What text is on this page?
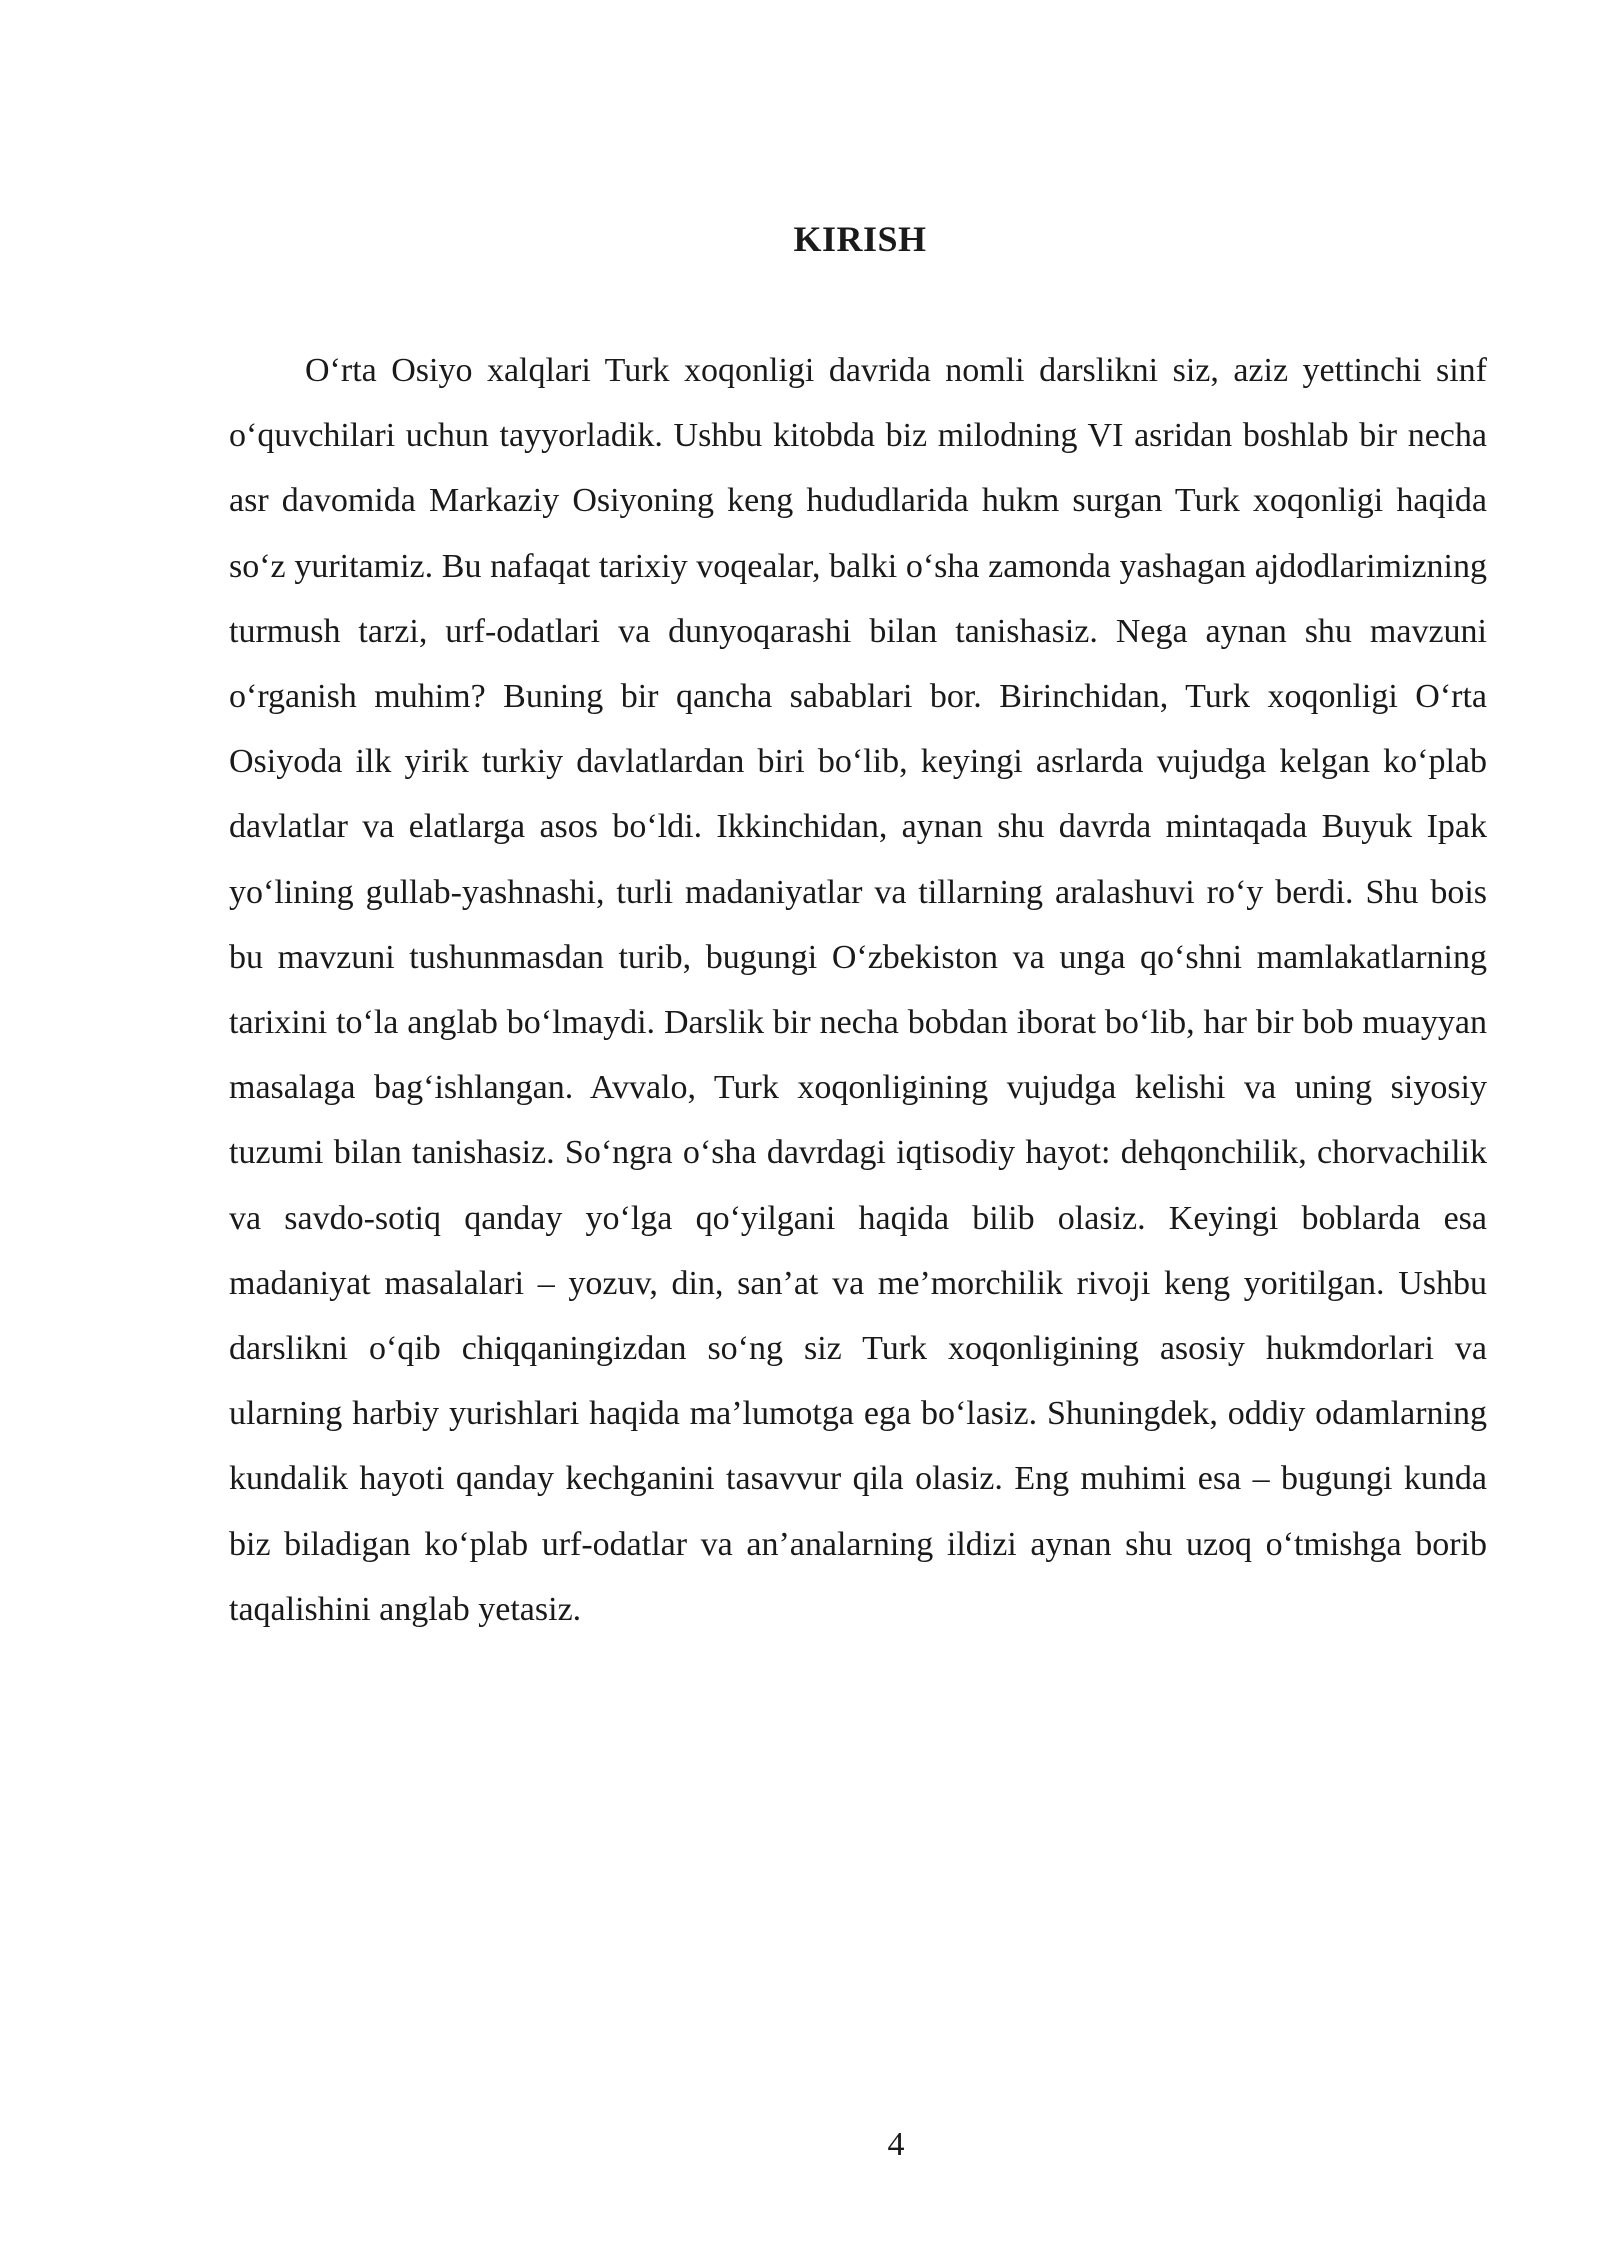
KIRISH

O‘rta Osiyo xalqlari Turk xoqonligi davrida nomli darslikni siz, aziz yettinchi sinf o‘quvchilari uchun tayyorladik. Ushbu kitobda biz milodning VI asridan boshlab bir necha asr davomida Markaziy Osiyoning keng hududlarida hukm surgan Turk xoqonligi haqida so‘z yuritamiz. Bu nafaqat tarixiy voqealar, balki o‘sha zamonda yashagan ajdodlarimizning turmush tarzi, urf-odatlari va dunyoqarashi bilan tanishasiz. Nega aynan shu mavzuni o‘rganish muhim? Buning bir qancha sabablari bor. Birinchidan, Turk xoqonligi O‘rta Osiyoda ilk yirik turkiy davlatlardan biri bo‘lib, keyingi asrlarda vujudga kelgan ko‘plab davlatlar va elatlarga asos bo‘ldi. Ikkinchidan, aynan shu davrda mintaqada Buyuk Ipak yo‘lining gullab-yashnashi, turli madaniyatlar va tillarning aralashuvi ro‘y berdi. Shu bois bu mavzuni tushunmasdan turib, bugungi O‘zbekiston va unga qo‘shni mamlakatlarning tarixini to‘la anglab bo‘lmaydi. Darslik bir necha bobdan iborat bo‘lib, har bir bob muayyan masalaga bag‘ishlangan. Avvalo, Turk xoqonligining vujudga kelishi va uning siyosiy tuzumi bilan tanishasiz. So‘ngra o‘sha davrdagi iqtisodiy hayot: dehqonchilik, chorvachilik va savdo-sotiq qanday yo‘lga qo‘yilgani haqida bilib olasiz. Keyingi boblarda esa madaniyat masalalari – yozuv, din, san’at va me’morchilik rivoji keng yoritilgan. Ushbu darslikni o‘qib chiqqaningizdan so‘ng siz Turk xoqonligining asosiy hukmdorlari va ularning harbiy yurishlari haqida ma’lumotga ega bo‘lasiz. Shuningdek, oddiy odamlarning kundalik hayoti qanday kechganini tasavvur qila olasiz. Eng muhimi esa – bugungi kunda biz biladigan ko‘plab urf-odatlar va an’analarning ildizi aynan shu uzoq o‘tmishga borib taqalishini anglab yetasiz.

4
